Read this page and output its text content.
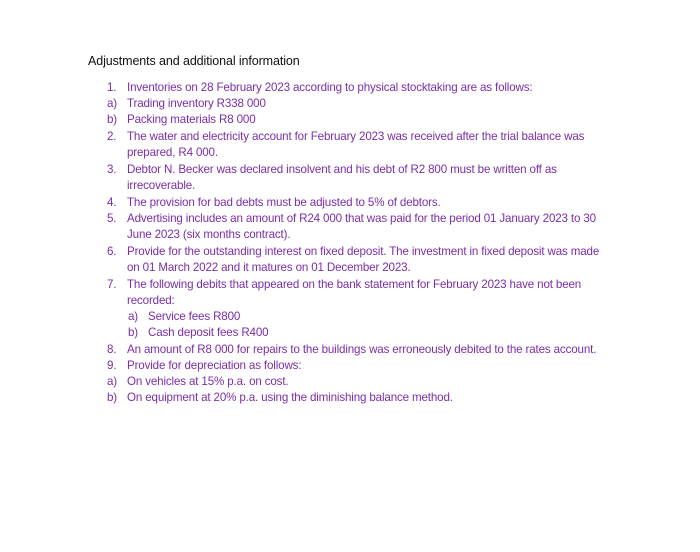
Adjustments and additional information
1. Inventories on 28 February 2023 according to physical stocktaking are as follows:
a) Trading inventory R338 000
b) Packing materials R8 000
2. The water and electricity account for February 2023 was received after the trial balance was prepared, R4 000.
3. Debtor N. Becker was declared insolvent and his debt of R2 800 must be written off as irrecoverable.
4. The provision for bad debts must be adjusted to 5% of debtors.
5. Advertising includes an amount of R24 000 that was paid for the period 01 January 2023 to 30 June 2023 (six months contract).
6. Provide for the outstanding interest on fixed deposit. The investment in fixed deposit was made on 01 March 2022 and it matures on 01 December 2023.
7. The following debits that appeared on the bank statement for February 2023 have not been recorded:
a) Service fees R800
b) Cash deposit fees R400
8. An amount of R8 000 for repairs to the buildings was erroneously debited to the rates account.
9. Provide for depreciation as follows:
a) On vehicles at 15% p.a. on cost.
b) On equipment at 20% p.a. using the diminishing balance method.
